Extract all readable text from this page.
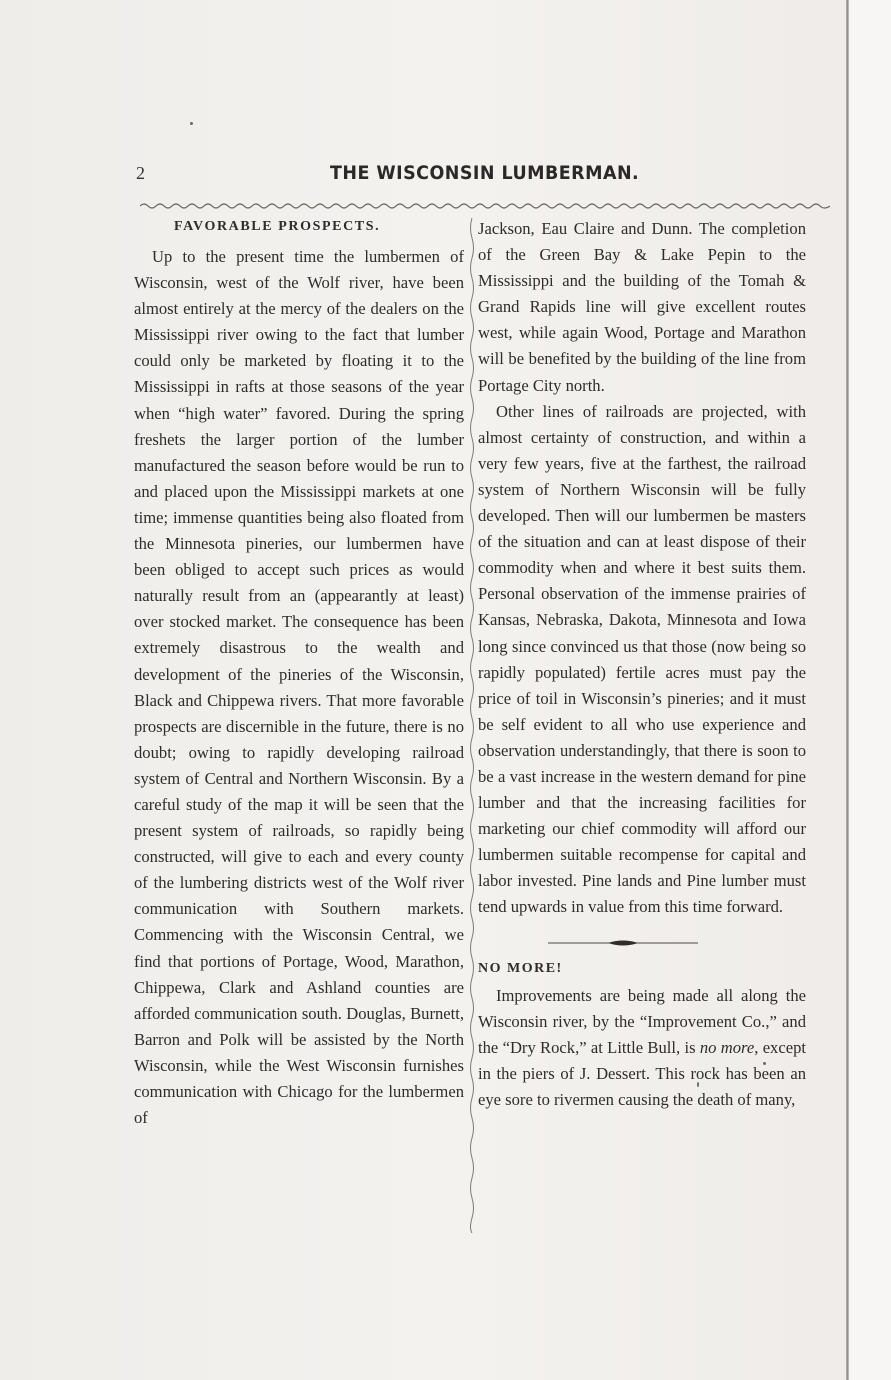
2	THE WISCONSIN LUMBERMAN.
FAVORABLE PROSPECTS.

Up to the present time the lumbermen of Wisconsin, west of the Wolf river, have been almost entirely at the mercy of the dealers on the Mississippi river owing to the fact that lumber could only be marketed by floating it to the Mississippi in rafts at those seasons of the year when “high water” favored. During the spring freshets the larger portion of the lumber manufactured the season before would be run to and placed upon the Mississippi markets at one time; immense quantities being also floated from the Minnesota pineries, our lumbermen have been obliged to accept such prices as would naturally result from an (appearantly at least) over stocked market. The consequence has been extremely disastrous to the wealth and development of the pineries of the Wisconsin, Black and Chippewa rivers. That more favorable prospects are discernible in the future, there is no doubt; owing to rapidly developing railroad system of Central and Northern Wisconsin. By a careful study of the map it will be seen that the present system of railroads, so rapidly being constructed, will give to each and every county of the lumbering districts west of the Wolf river communication with Southern markets. Commencing with the Wisconsin Central, we find that portions of Portage, Wood, Marathon, Chippewa, Clark and Ashland counties are afforded communication south. Douglas, Burnett, Barron and Polk will be assisted by the North Wisconsin, while the West Wisconsin furnishes communication with Chicago for the lumbermen of

Jackson, Eau Claire and Dunn. The completion of the Green Bay & Lake Pepin to the Mississippi and the building of the Tomah & Grand Rapids line will give excellent routes west, while again Wood, Portage and Marathon will be benefited by the building of the line from Portage City north.

Other lines of railroads are projected, with almost certainty of construction, and within a very few years, five at the farthest, the railroad system of Northern Wisconsin will be fully developed. Then will our lumbermen be masters of the situation and can at least dispose of their commodity when and where it best suits them. Personal observation of the immense prairies of Kansas, Nebraska, Dakota, Minnesota and Iowa long since convinced us that those (now being so rapidly populated) fertile acres must pay the price of toil in Wisconsin’s pineries; and it must be self evident to all who use experience and observation understandingly, that there is soon to be a vast increase in the western demand for pine lumber and that the increasing facilities for marketing our chief commodity will afford our lumbermen suitable recompense for capital and labor invested. Pine lands and Pine lumber must tend upwards in value from this time forward.

NO MORE!

Improvements are being made all along the Wisconsin river, by the “Improvement Co.,” and the “Dry Rock,” at Little Bull, is no more, except in the piers of J. Dessert. This rock has been an eye sore to rivermen causing the death of many,
